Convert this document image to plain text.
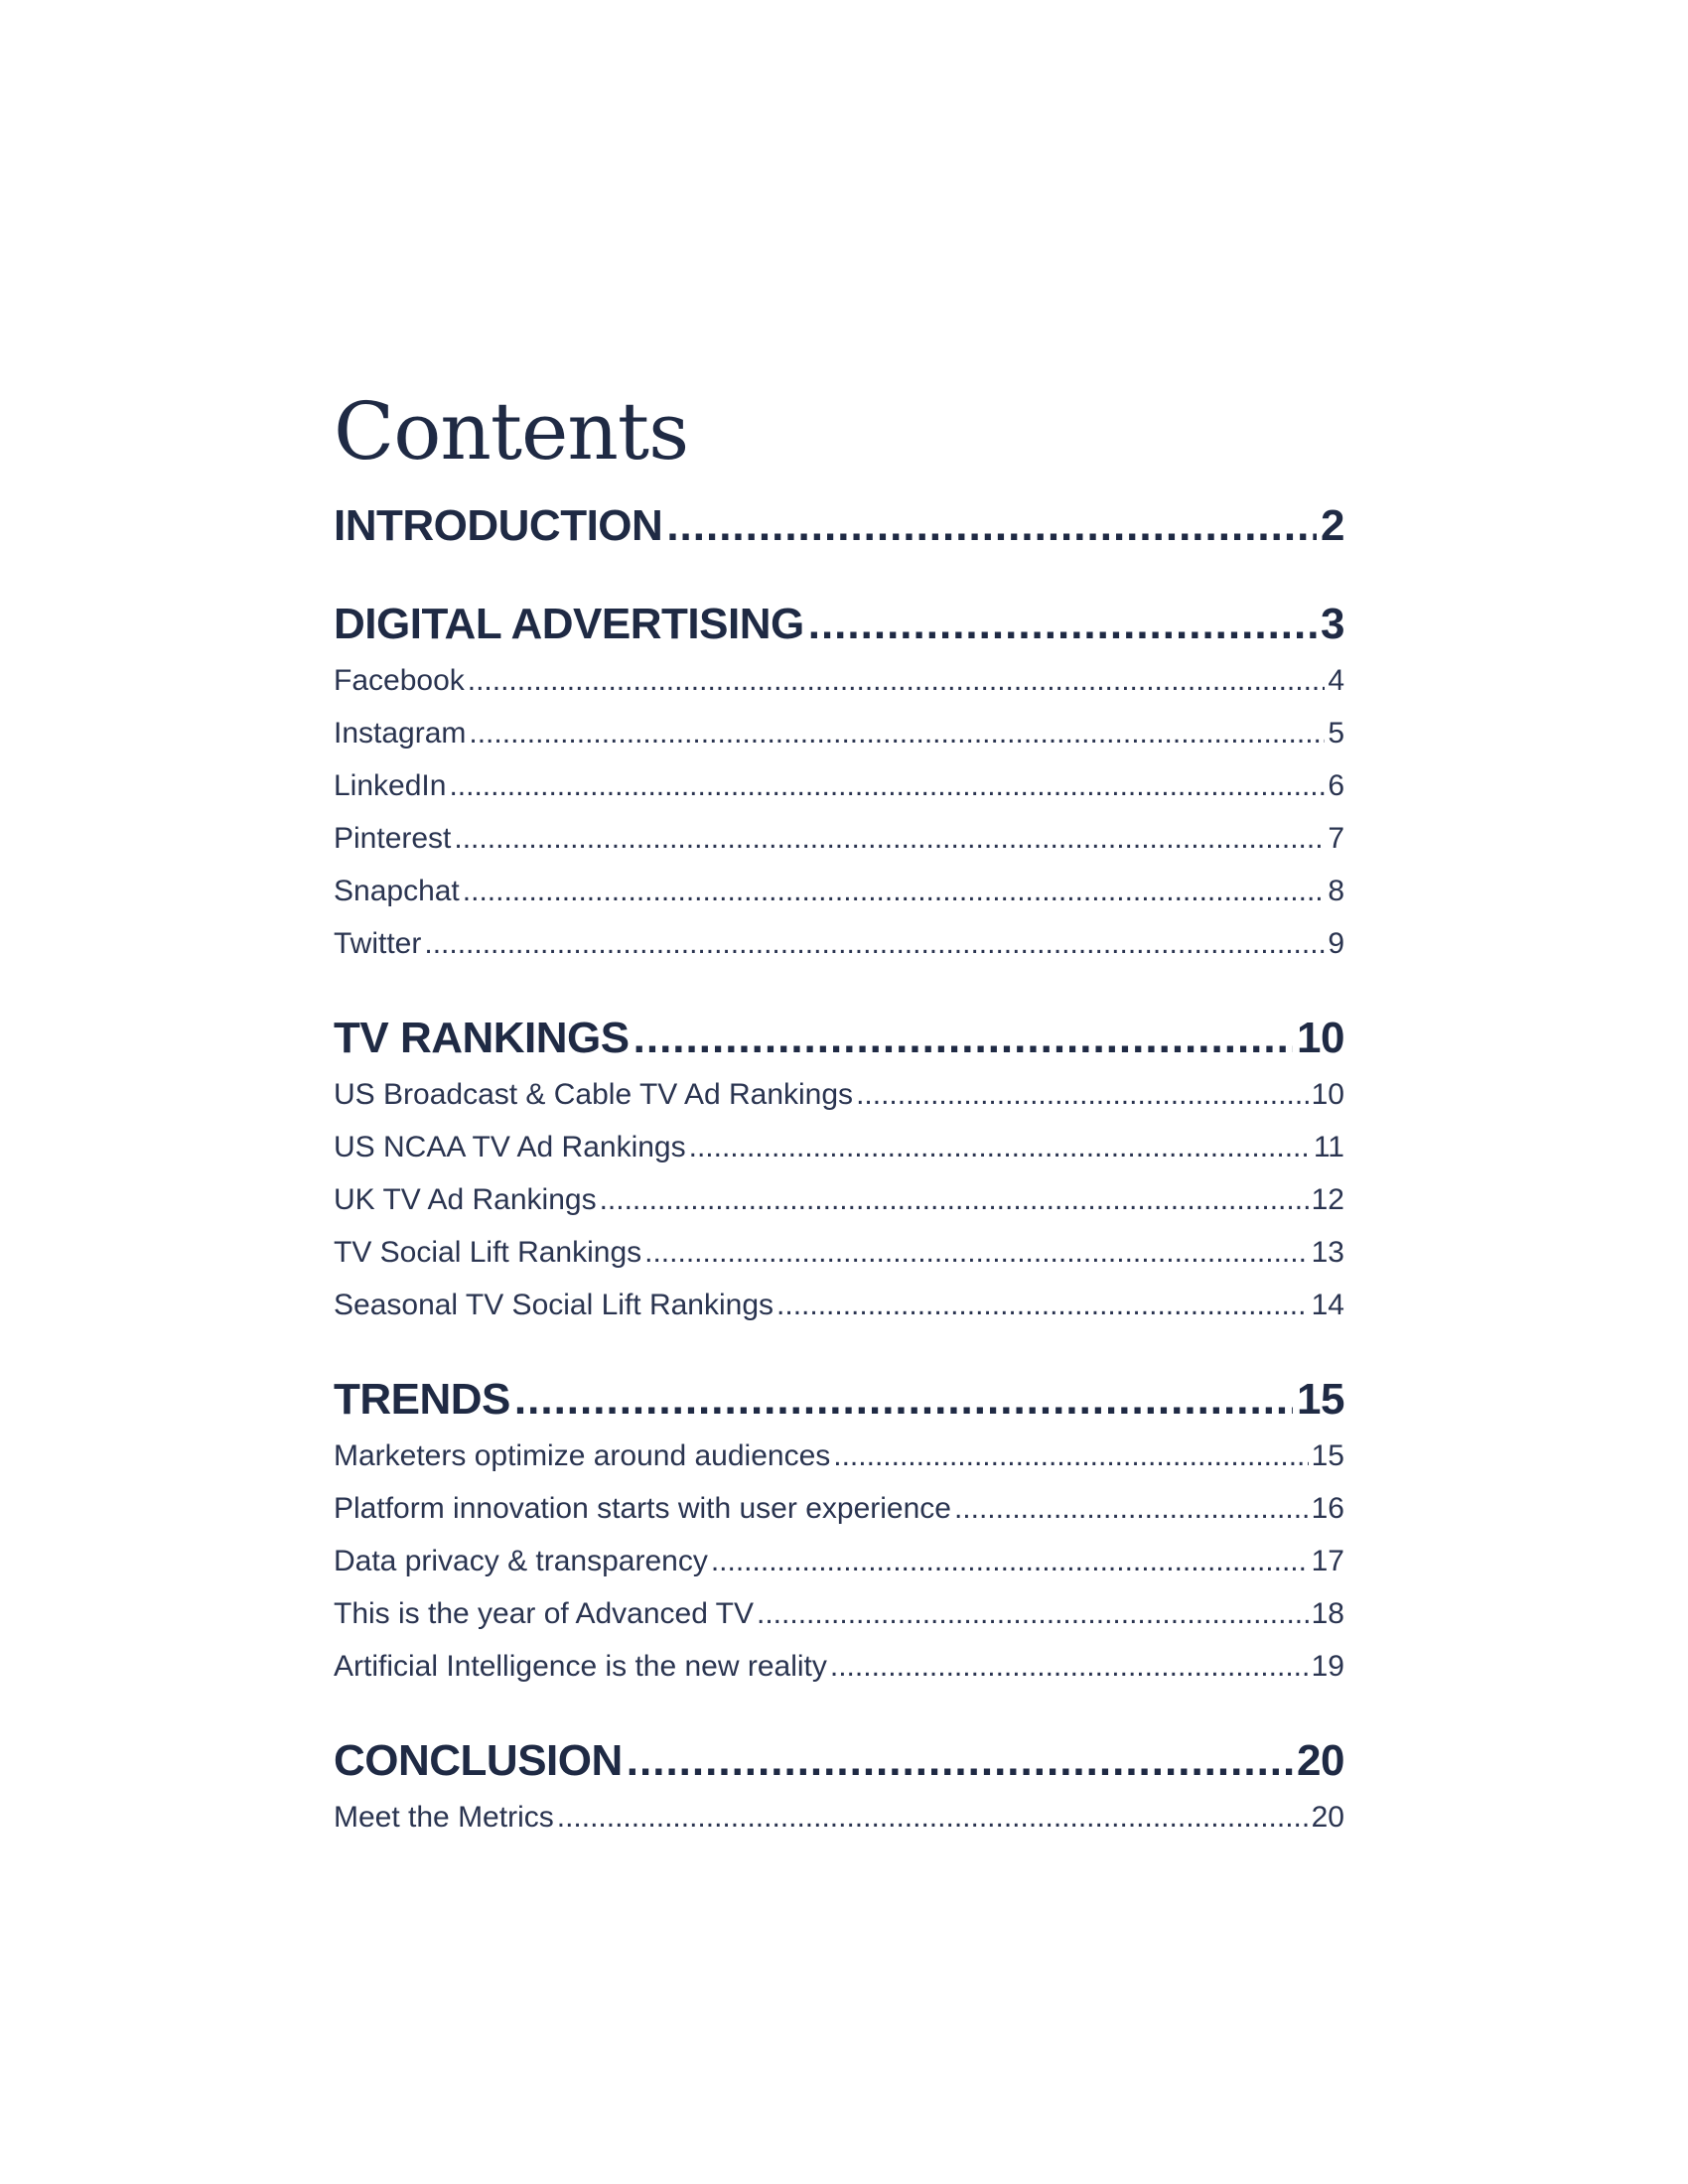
Contents
INTRODUCTION .....	2
DIGITAL ADVERTISING .....	3
Facebook .....	4
Instagram .....	5
LinkedIn .....	6
Pinterest .....	7
Snapchat .....	8
Twitter .....	9
TV RANKINGS .....	10
US Broadcast & Cable TV Ad Rankings .....	10
US NCAA TV Ad Rankings .....	11
UK TV Ad Rankings .....	12
TV Social Lift Rankings .....	13
Seasonal TV Social Lift Rankings .....	14
TRENDS .....	15
Marketers optimize around audiences .....	15
Platform innovation starts with user experience .....	16
Data privacy & transparency .....	17
This is the year of Advanced TV .....	18
Artificial Intelligence is the new reality .....	19
CONCLUSION .....	20
Meet the Metrics .....	20
